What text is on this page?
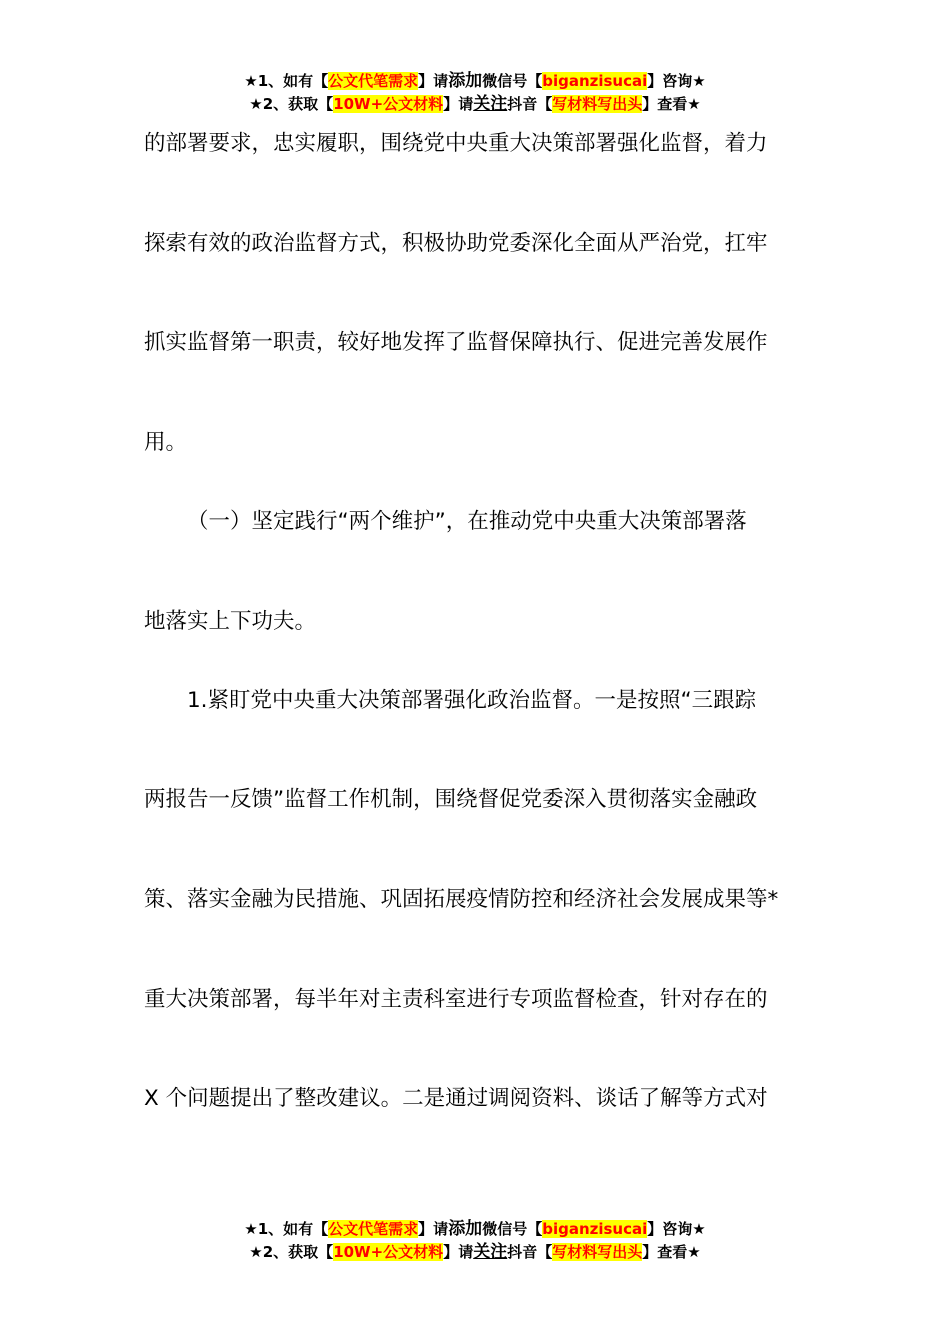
★1、如有【公文代笔需求】请添加微信号【biganzisucai】咨询★
★2、获取【10W+公文材料】请关注抖音【写材料写出头】查看★
的部署要求，忠实履职，围绕党中央重大决策部署强化监督，着力
探索有效的政治监督方式，积极协助党委深化全面从严治党，扛牢
抓实监督第一职责，较好地发挥了监督保障执行、促进完善发展作
用。
（一）坚定践行“两个维护”，在推动党中央重大决策部署落
地落实上下功夫。
1.紧盯党中央重大决策部署强化政治监督。一是按照“三跟踪
两报告一反馈”监督工作机制，围绕督促党委深入贯彻落实金融政
策、落实金融为民措施、巩固拓展疫情防控和经济社会发展成果等*
重大决策部署，每半年对主责科室进行专项监督检查，针对存在的
X 个问题提出了整改建议。二是通过调阅资料、谈话了解等方式对
★1、如有【公文代笔需求】请添加微信号【biganzisucai】咨询★
★2、获取【10W+公文材料】请关注抖音【写材料写出头】查看★
